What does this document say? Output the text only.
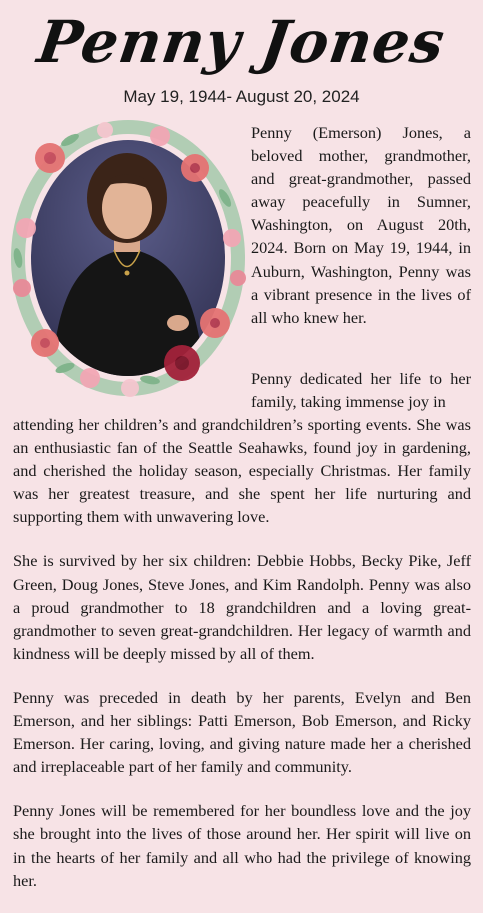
Penny Jones
May 19, 1944- August 20, 2024

Penny (Emerson) Jones, a beloved mother, grandmother, and great-grandmother, passed away peacefully in Sumner, Washington, on August 20th, 2024. Born on May 19, 1944, in Auburn, Washington, Penny was a vibrant presence in the lives of all who knew her.

Penny dedicated her life to her family, taking immense joy in

attending her children’s and grandchildren’s sporting events. She was an enthusiastic fan of the Seattle Seahawks, found joy in gardening, and cherished the holiday season, especially Christmas. Her family was her greatest treasure, and she spent her life nurturing and supporting them with unwavering love.

She is survived by her six children: Debbie Hobbs, Becky Pike, Jeff Green, Doug Jones, Steve Jones, and Kim Randolph. Penny was also a proud grandmother to 18 grandchildren and a loving great-grandmother to seven great-grandchildren. Her legacy of warmth and kindness will be deeply missed by all of them.

Penny was preceded in death by her parents, Evelyn and Ben Emerson, and her siblings: Patti Emerson, Bob Emerson, and Ricky Emerson. Her caring, loving, and giving nature made her a cherished and irreplaceable part of her family and community.

Penny Jones will be remembered for her boundless love and the joy she brought into the lives of those around her. Her spirit will live on in the hearts of her family and all who had the privilege of knowing her.
